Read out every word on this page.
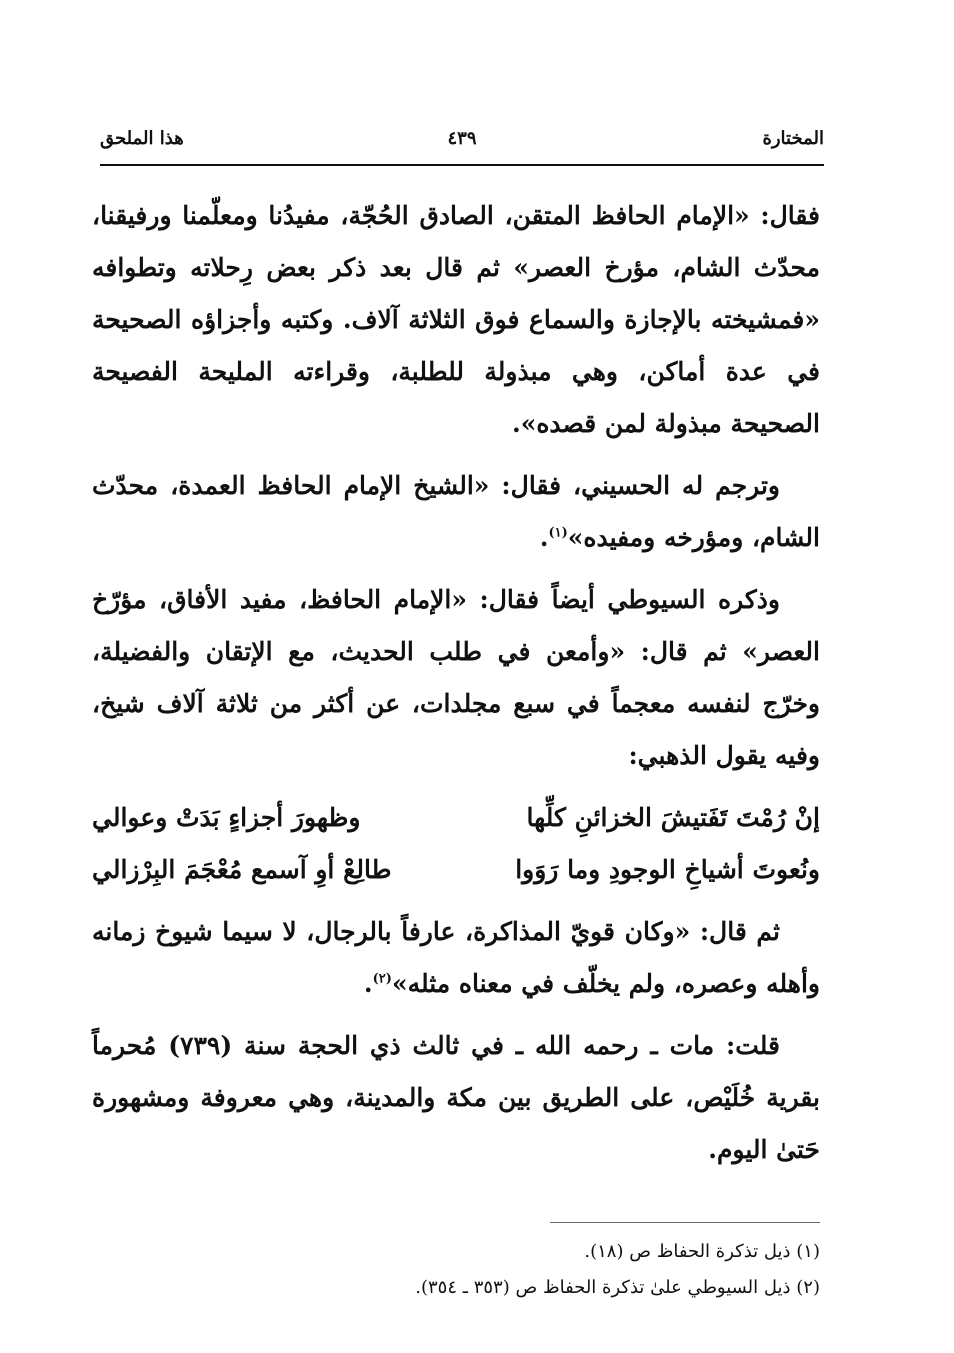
المختارة
٤٣٩
هذا الملحق

فقال: «الإمام الحافظ المتقن، الصادق الحُجّة، مفيدُنا ومعلّمنا ورفيقنا، محدّث الشام، مؤرخ العصر» ثم قال بعد ذكر بعض رِحلاته وتطوافه «فمشيخته بالإجازة والسماع فوق الثلاثة آلاف. وكتبه وأجزاؤه الصحيحة في عدة أماكن، وهي مبذولة للطلبة، وقراءته المليحة الفصيحة الصحيحة مبذولة لمن قصده».

وترجم له الحسيني، فقال: «الشيخ الإمام الحافظ العمدة، محدّث الشام، ومؤرخه ومفيده»$^{(١)}$.

وذكره السيوطي أيضاً فقال: «الإمام الحافظ، مفيد الأفاق، مؤرّخ العصر» ثم قال: «وأمعن في طلب الحديث، مع الإتقان والفضيلة، وخرّج لنفسه معجماً في سبع مجلدات، عن أكثر من ثلاثة آلاف شيخ، وفيه يقول الذهبي:

إنْ رُمْتَ تَفَتيشَ الخزائنِ كلِّها
وظهورَ أجزاءٍ بَدَتْ وعوالي
ونُعوتَ أشياخِ الوجودِ وما رَوَوا
طالِعْ أوِ آسمع مُعْجَمَ البِرْزالي

ثم قال: «وكان قويّ المذاكرة، عارفاً بالرجال، لا سيما شيوخ زمانه وأهله وعصره، ولم يخلّف في معناه مثله»$^{(٢)}$.

قلت: مات ـ رحمه الله ـ في ثالث ذي الحجة سنة (٧٣٩) مُحرماً بقرية خُلَيْص، على الطريق بين مكة والمدينة، وهي معروفة ومشهورة حَتىٰ اليوم.

(١) ذيل تذكرة الحفاظ ص (١٨).
(٢) ذيل السيوطي علىٰ تذكرة الحفاظ ص (٣٥٣ ـ ٣٥٤).
